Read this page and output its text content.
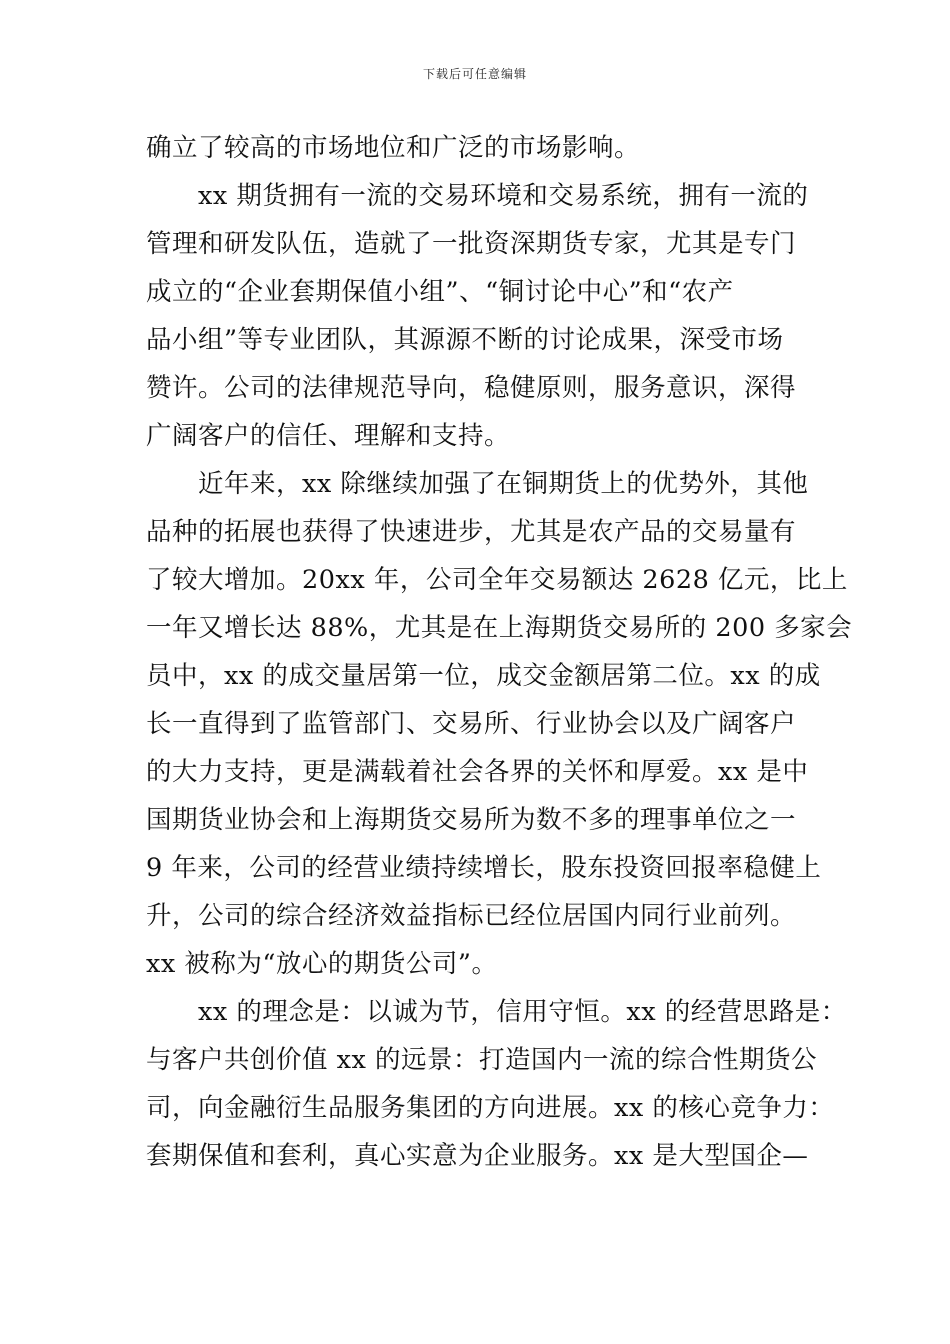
下载后可任意编辑
确立了较高的市场地位和广泛的市场影响。
xx 期货拥有一流的交易环境和交易系统，拥有一流的
管理和研发队伍，造就了一批资深期货专家，尤其是专门
成立的“企业套期保值小组”、“铜讨论中心”和“农产
品小组”等专业团队，其源源不断的讨论成果，深受市场
赞许。公司的法律规范导向，稳健原则，服务意识，深得
广阔客户的信任、理解和支持。
近年来，xx 除继续加强了在铜期货上的优势外，其他
品种的拓展也获得了快速进步，尤其是农产品的交易量有
了较大增加。20xx 年，公司全年交易额达 2628 亿元，比上
一年又增长达 88%，尤其是在上海期货交易所的 200 多家会
员中，xx 的成交量居第一位，成交金额居第二位。xx 的成
长一直得到了监管部门、交易所、行业协会以及广阔客户
的大力支持，更是满载着社会各界的关怀和厚爱。xx 是中
国期货业协会和上海期货交易所为数不多的理事单位之一
9 年来，公司的经营业绩持续增长，股东投资回报率稳健上
升，公司的综合经济效益指标已经位居国内同行业前列。
xx 被称为“放心的期货公司”。
xx 的理念是：以诚为节，信用守恒。xx 的经营思路是：
与客户共创价值 xx 的远景：打造国内一流的综合性期货公
司，向金融衍生品服务集团的方向进展。xx 的核心竞争力：
套期保值和套利，真心实意为企业服务。xx 是大型国企—
